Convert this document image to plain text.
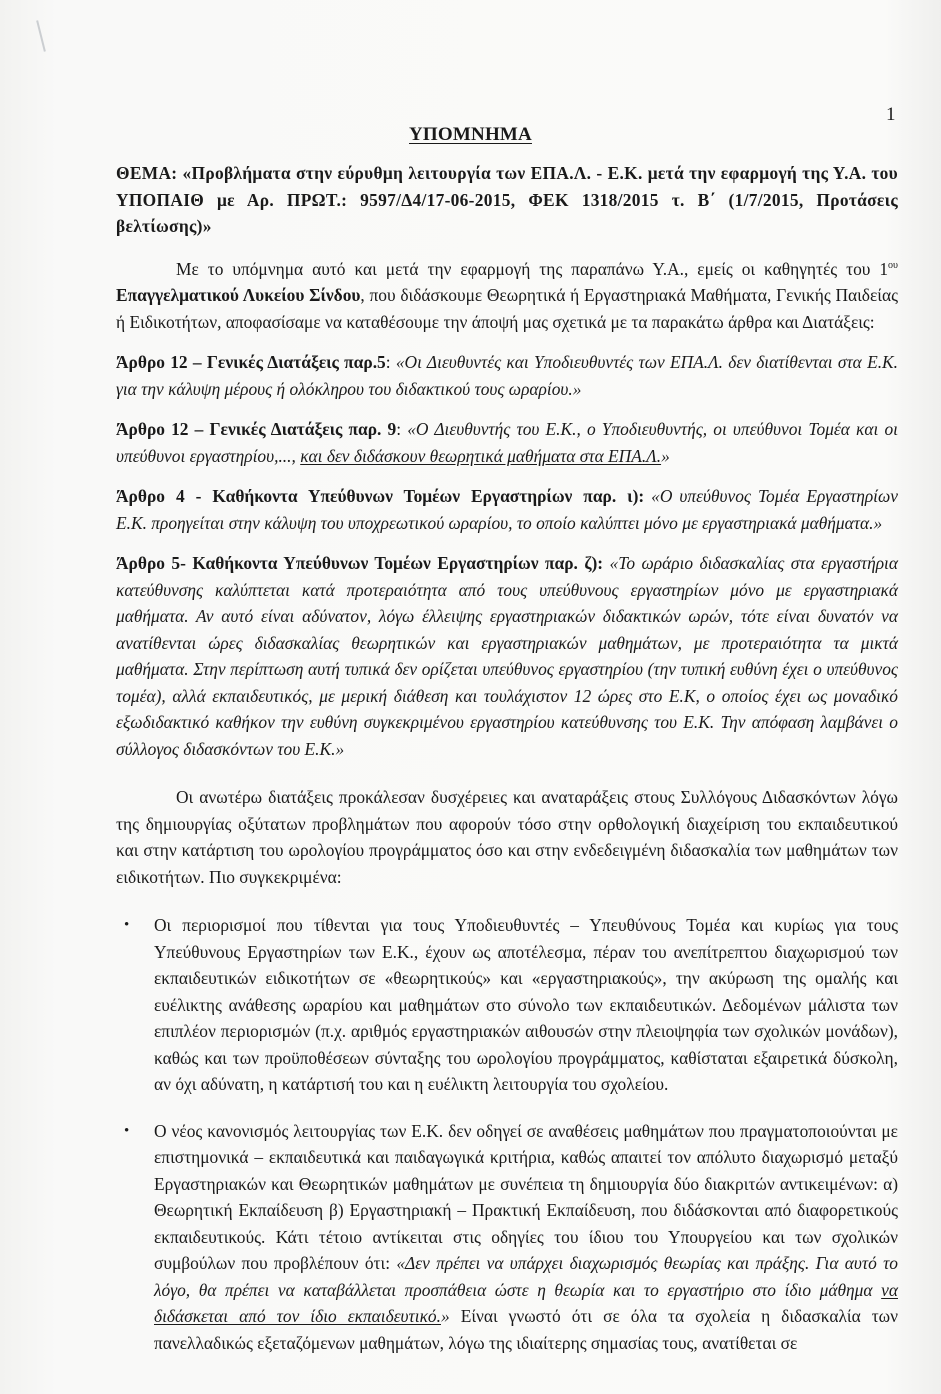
1
ΥΠΟΜΝΗΜΑ

ΘΕΜΑ: «Προβλήματα στην εύρυθμη λειτουργία των ΕΠΑ.Λ. - Ε.Κ. μετά την εφαρμογή της Υ.Α. του ΥΠΟΠΑΙΘ με Αρ. ΠΡΩΤ.: 9597/Δ4/17-06-2015, ΦΕΚ 1318/2015 τ. Β΄ (1/7/2015, Προτάσεις βελτίωσης)»

Με το υπόμνημα αυτό και μετά την εφαρμογή της παραπάνω Υ.Α., εμείς οι καθηγητές του $1^{o\upsilon}$ Επαγγελματικού Λυκείου Σίνδου, που διδάσκουμε Θεωρητικά ή Εργαστηριακά Μαθήματα, Γενικής Παιδείας ή Ειδικοτήτων, αποφασίσαμε να καταθέσουμε την άποψή μας σχετικά με τα παρακάτω άρθρα και Διατάξεις:

Άρθρο 12 – Γενικές Διατάξεις παρ.5: «Οι Διευθυντές και Υποδιευθυντές των ΕΠΑ.Λ. δεν διατίθενται στα Ε.Κ. για την κάλυψη μέρους ή ολόκληρου του διδακτικού τους ωραρίου.»

Άρθρο 12 – Γενικές Διατάξεις παρ. 9: «Ο Διευθυντής του Ε.Κ., ο Υποδιευθυντής, οι υπεύθυνοι Τομέα και οι υπεύθυνοι εργαστηρίου,..., και δεν διδάσκουν θεωρητικά μαθήματα στα ΕΠΑ.Λ.»

Άρθρο 4 - Καθήκοντα Υπεύθυνων Τομέων Εργαστηρίων παρ. ι): «Ο υπεύθυνος Τομέα Εργαστηρίων Ε.Κ. προηγείται στην κάλυψη του υποχρεωτικού ωραρίου, το οποίο καλύπτει μόνο με εργαστηριακά μαθήματα.»

Άρθρο 5- Καθήκοντα Υπεύθυνων Τομέων Εργαστηρίων παρ. ζ): «Το ωράριο διδασκαλίας στα εργαστήρια κατεύθυνσης καλύπτεται κατά προτεραιότητα από τους υπεύθυνους εργαστηρίων μόνο με εργαστηριακά μαθήματα. Αν αυτό είναι αδύνατον, λόγω έλλειψης εργαστηριακών διδακτικών ωρών, τότε είναι δυνατόν να ανατίθενται ώρες διδασκαλίας θεωρητικών και εργαστηριακών μαθημάτων, με προτεραιότητα τα μικτά μαθήματα. Στην περίπτωση αυτή τυπικά δεν ορίζεται υπεύθυνος εργαστηρίου (την τυπική ευθύνη έχει ο υπεύθυνος τομέα), αλλά εκπαιδευτικός, με μερική διάθεση και τουλάχιστον 12 ώρες στο Ε.Κ, ο οποίος έχει ως μοναδικό εξωδιδακτικό καθήκον την ευθύνη συγκεκριμένου εργαστηρίου κατεύθυνσης του Ε.Κ. Την απόφαση λαμβάνει ο σύλλογος διδασκόντων του Ε.Κ.»

Οι ανωτέρω διατάξεις προκάλεσαν δυσχέρειες και αναταράξεις στους Συλλόγους Διδασκόντων λόγω της δημιουργίας οξύτατων προβλημάτων που αφορούν τόσο στην ορθολογική διαχείριση του εκπαιδευτικού και στην κατάρτιση του ωρολογίου προγράμματος όσο και στην ενδεδειγμένη διδασκαλία των μαθημάτων των ειδικοτήτων. Πιο συγκεκριμένα:

• Οι περιορισμοί που τίθενται για τους Υποδιευθυντές – Υπευθύνους Τομέα και κυρίως για τους Υπεύθυνους Εργαστηρίων των Ε.Κ., έχουν ως αποτέλεσμα, πέραν του ανεπίτρεπτου διαχωρισμού των εκπαιδευτικών ειδικοτήτων σε «θεωρητικούς» και «εργαστηριακούς», την ακύρωση της ομαλής και ευέλικτης ανάθεσης ωραρίου και μαθημάτων στο σύνολο των εκπαιδευτικών. Δεδομένων μάλιστα των επιπλέον περιορισμών (π.χ. αριθμός εργαστηριακών αιθουσών στην πλειοψηφία των σχολικών μονάδων), καθώς και των προϋποθέσεων σύνταξης του ωρολογίου προγράμματος, καθίσταται εξαιρετικά δύσκολη, αν όχι αδύνατη, η κατάρτισή του και η ευέλικτη λειτουργία του σχολείου.
• Ο νέος κανονισμός λειτουργίας των Ε.Κ. δεν οδηγεί σε αναθέσεις μαθημάτων που πραγματοποιούνται με επιστημονικά – εκπαιδευτικά και παιδαγωγικά κριτήρια, καθώς απαιτεί τον απόλυτο διαχωρισμό μεταξύ Εργαστηριακών και Θεωρητικών μαθημάτων με συνέπεια τη δημιουργία δύο διακριτών αντικειμένων: α) Θεωρητική Εκπαίδευση β) Εργαστηριακή – Πρακτική Εκπαίδευση, που διδάσκονται από διαφορετικούς εκπαιδευτικούς. Κάτι τέτοιο αντίκειται στις οδηγίες του ίδιου του Υπουργείου και των σχολικών συμβούλων που προβλέπουν ότι: «Δεν πρέπει να υπάρχει διαχωρισμός θεωρίας και πράξης. Για αυτό το λόγο, θα πρέπει να καταβάλλεται προσπάθεια ώστε η θεωρία και το εργαστήριο στο ίδιο μάθημα να διδάσκεται από τον ίδιο εκπαιδευτικό.» Είναι γνωστό ότι σε όλα τα σχολεία η διδασκαλία των πανελλαδικώς εξεταζόμενων μαθημάτων, λόγω της ιδιαίτερης σημασίας τους, ανατίθεται σε
